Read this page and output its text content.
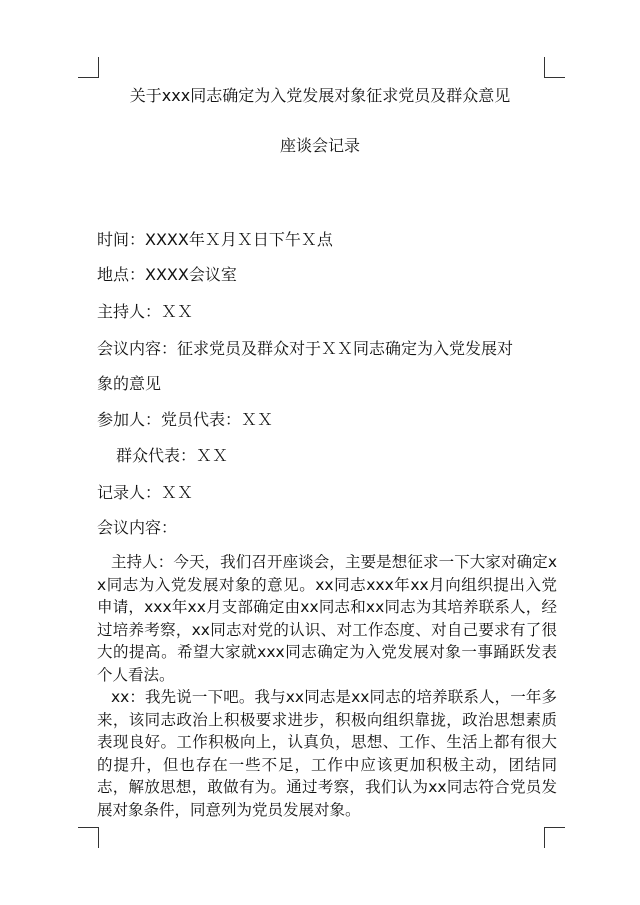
关于xxx同志确定为入党发展对象征求党员及群众意见
座谈会记录
时间：XXXX年Ｘ月Ｘ日下午Ｘ点
地点：XXXX会议室
主持人：ＸＸ
会议内容：征求党员及群众对于ＸＸ同志确定为入党发展对
象的意见
参加人：党员代表：ＸＸ
群众代表：ＸＸ
记录人：ＸＸ
会议内容：
主持人：今天，我们召开座谈会，主要是想征求一下大家对确定xx同志为入党发展对象的意见。xx同志xxx年xx月向组织提出入党申请，xxx年xx月支部确定由xx同志和xx同志为其培养联系人，经过培养考察，xx同志对党的认识、对工作态度、对自己要求有了很大的提高。希望大家就xxx同志确定为入党发展对象一事踊跃发表个人看法。
xx：我先说一下吧。我与xx同志是xx同志的培养联系人，一年多来，该同志政治上积极要求进步，积极向组织靠拢，政治思想素质表现良好。工作积极向上，认真负，思想、工作、生活上都有很大的提升，但也存在一些不足，工作中应该更加积极主动，团结同志，解放思想，敢做有为。通过考察，我们认为xx同志符合党员发展对象条件，同意列为党员发展对象。
